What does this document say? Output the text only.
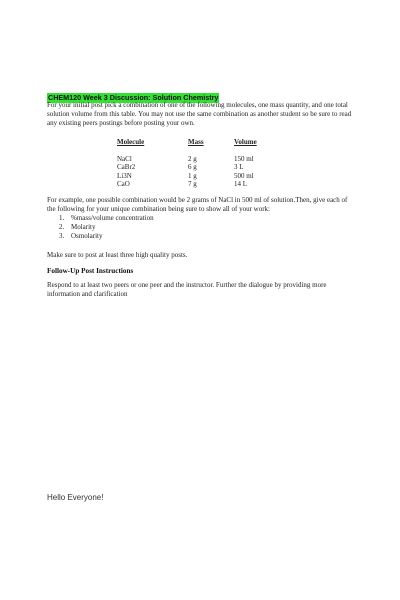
CHEM120 Week 3 Discussion: Solution Chemistry
For your initial post pick a combination of one of the following molecules, one mass quantity, and one total solution volume from this table. You may not use the same combination as another student so be sure to read any existing peers postings before posting your own.
Molecule	Mass	Volume
NaCl	2 g	150 ml
CaBr2	6 g	3 L
Li3N	1 g	500 ml
CaO	7 g	14 L
For example, one possible combination would be 2 grams of NaCl in 500 ml of solution.Then, give each of the following for your unique combination being sure to show all of your work:
1. %mass/volume concentration
2. Molarity
3. Osmolarity
Make sure to post at least three high quality posts.
Follow-Up Post Instructions
Respond to at least two peers or one peer and the instructor. Further the dialogue by providing more information and clarification
Hello Everyone!
